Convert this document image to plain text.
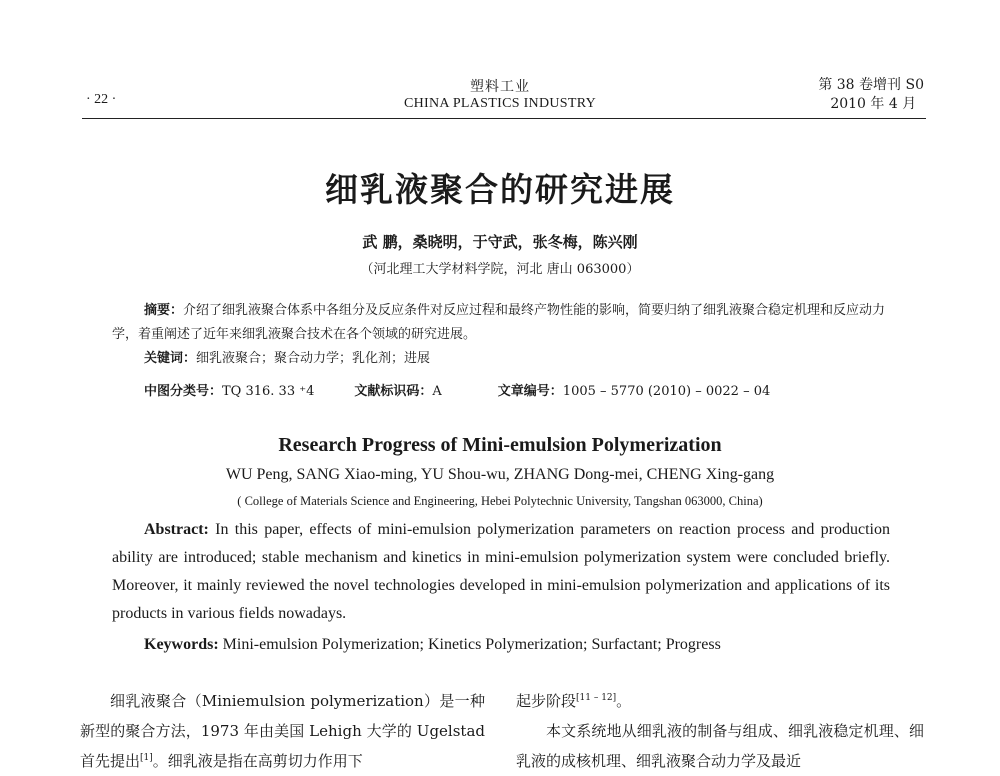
· 22 ·
塑料工业
CHINA PLASTICS INDUSTRY
第 38 卷增刊 S0
2010 年 4 月
细乳液聚合的研究进展
武 鹏，桑晓明，于守武，张冬梅，陈兴刚
（河北理工大学材料学院，河北 唐山 063000）
摘要：介绍了细乳液聚合体系中各组分及反应条件对反应过程和最终产物性能的影响，简要归纳了细乳液聚合稳定机理和反应动力学，着重阐述了近年来细乳液聚合技术在各个领域的研究进展。
关键词：细乳液聚合；聚合动力学；乳化剂；进展
中图分类号：TQ 316. 33 ⁺4	文献标识码：A	文章编号：1005 – 5770 (2010) – 0022 – 04
Research Progress of Mini-emulsion Polymerization
WU Peng, SANG Xiao-ming, YU Shou-wu, ZHANG Dong-mei, CHENG Xing-gang
( College of Materials Science and Engineering, Hebei Polytechnic University, Tangshan 063000, China)
Abstract: In this paper, effects of mini-emulsion polymerization parameters on reaction process and production ability are introduced; stable mechanism and kinetics in mini-emulsion polymerization system were concluded briefly. Moreover, it mainly reviewed the novel technologies developed in mini-emulsion polymerization and applications of its products in various fields nowadays.
Keywords: Mini-emulsion Polymerization; Kinetics Polymerization; Surfactant; Progress
细乳液聚合（Miniemulsion polymerization）是一种新型的聚合方法，1973 年由美国 Lehigh 大学的 Ugelstad 首先提出[1]。细乳液是指在高剪切力作用下
起步阶段[11 – 12]。
本文系统地从细乳液的制备与组成、细乳液稳定机理、细乳液的成核机理、细乳液聚合动力学及最近
